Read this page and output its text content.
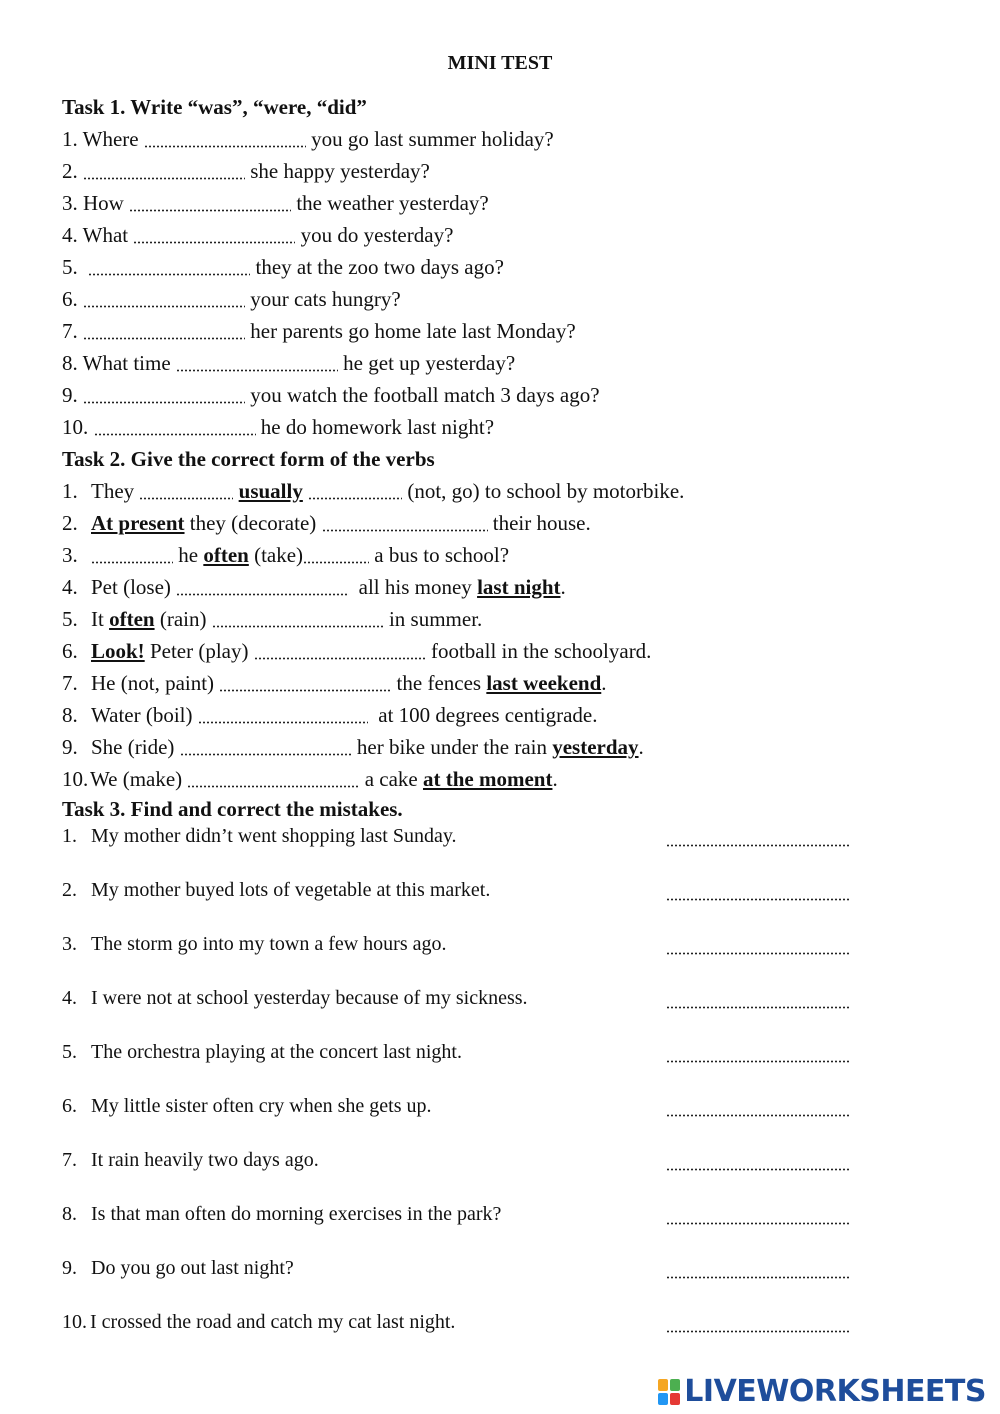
MINI TEST
Task 1. Write “was”, “were, “did”
1. Where	you go last summer holiday?
2.	she happy yesterday?
3. How	the weather yesterday?
4. What	you do yesterday?
5.	they at the zoo two days ago?
6.	your cats hungry?
7.	her parents go home late last Monday?
8. What time	he get up yesterday?
9.	you watch the football match 3 days ago?
10.	he do homework last night?
Task 2. Give the correct form of the verbs
1. They	usually	(not, go) to school by motorbike.
2. At present they (decorate)	their house.
3.	he often (take)	a bus to school?
4. Pet (lose)	all his money last night.
5. It often (rain)	in summer.
6. Look! Peter (play)	football in the schoolyard.
7. He (not, paint)	the fences last weekend.
8. Water (boil)	at 100 degrees centigrade.
9. She (ride)	her bike under the rain yesterday.
10.We (make)	a cake at the moment.
Task 3. Find and correct the mistakes.
1. My mother didn’t went shopping last Sunday.
2. My mother buyed lots of vegetable at this market.
3. The storm go into my town a few hours ago.
4. I were not at school yesterday because of my sickness.
5. The orchestra playing at the concert last night.
6. My little sister often cry when she gets up.
7. It rain heavily two days ago.
8. Is that man often do morning exercises in the park?
9. Do you go out last night?
10. I crossed the road and catch my cat last night.
LIVEWORKSHEETS
